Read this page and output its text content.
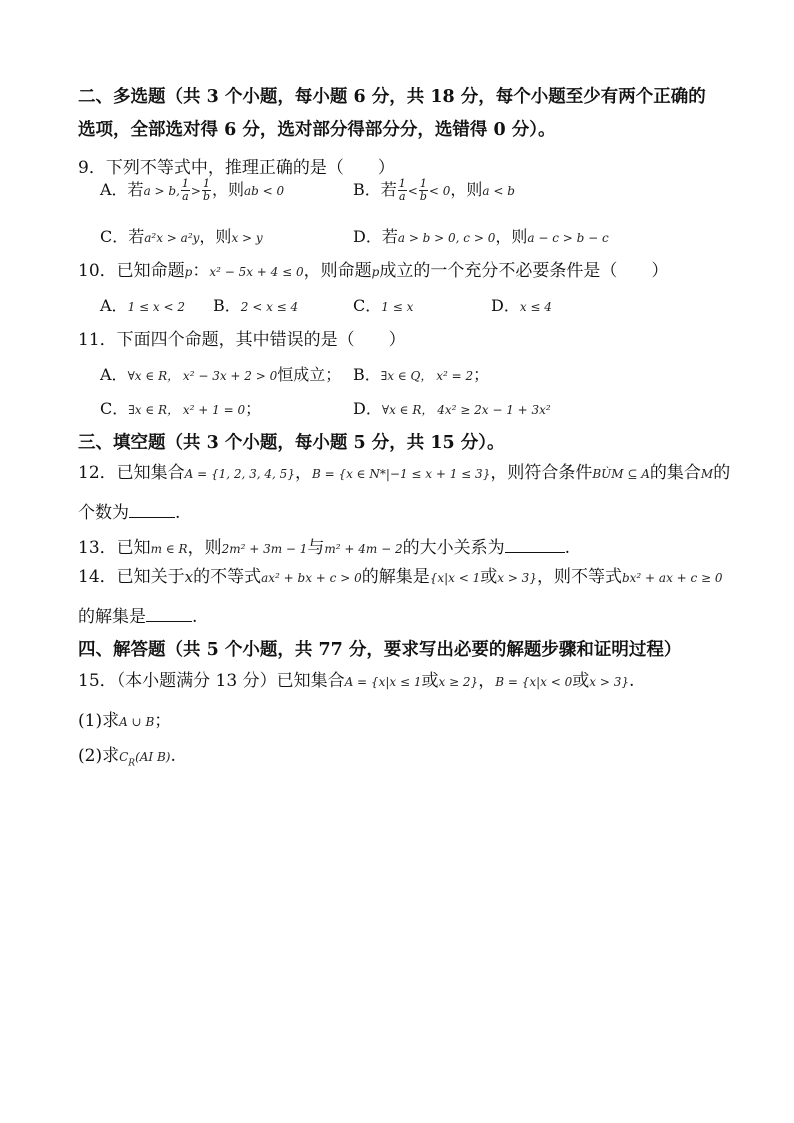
二、多选题（共 3 个小题，每小题 6 分，共 18 分，每个小题至少有两个正确的
选项，全部选对得 6 分，选对部分得部分分，选错得 0 分）。
9．下列不等式中，推理正确的是（　　）
A．若a > b, $\frac{1}{a} > \frac{1}{b}$ ，则ab < 0	B．若 $\frac{1}{a} < \frac{1}{b} < 0$，则a < b
C．若a²x > a²y，则x > y	D．若a > b > 0, c > 0，则a − c > b − c
10．已知命题p：x² − 5x + 4 ≤ 0，则命题p成立的一个充分不必要条件是（　　）
A．1 ≤ x < 2 B．2 < x ≤ 4	C．1 ≤ x	D．x ≤ 4
11．下面四个命题，其中错误的是（　　）
A．∀x ∈ R， x² − 3x + 2 > 0恒成立； B．∃x ∈ Q， x² = 2；
C．∃x ∈ R， x² + 1 = 0；	D．∀x ∈ R， 4x² ≥ 2x − 1 + 3x²
三、填空题（共 3 个小题，每小题 5 分，共 15 分）。
12．已知集合A = {1, 2, 3, 4, 5}，B = {x ∈ N*|−1 ≤ x + 1 ≤ 3}，则符合条件BÙM ⊆ A的集合M的
个数为	.
13．已知m ∈ R，则2m² + 3m − 1与m² + 4m − 2的大小关系为	.
14．已知关于x的不等式ax² + bx + c > 0的解集是{x|x < 1或x > 3}，则不等式bx² + ax + c ≥ 0
的解集是	.
四、解答题（共 5 个小题，共 77 分，要求写出必要的解题步骤和证明过程）
15．（本小题满分 13 分）已知集合A = {x|x ≤ 1或x ≥ 2}，B = {x|x < 0或x > 3}.
(1)求A ∪ B；
(2)求$C_R(AI$ B).
